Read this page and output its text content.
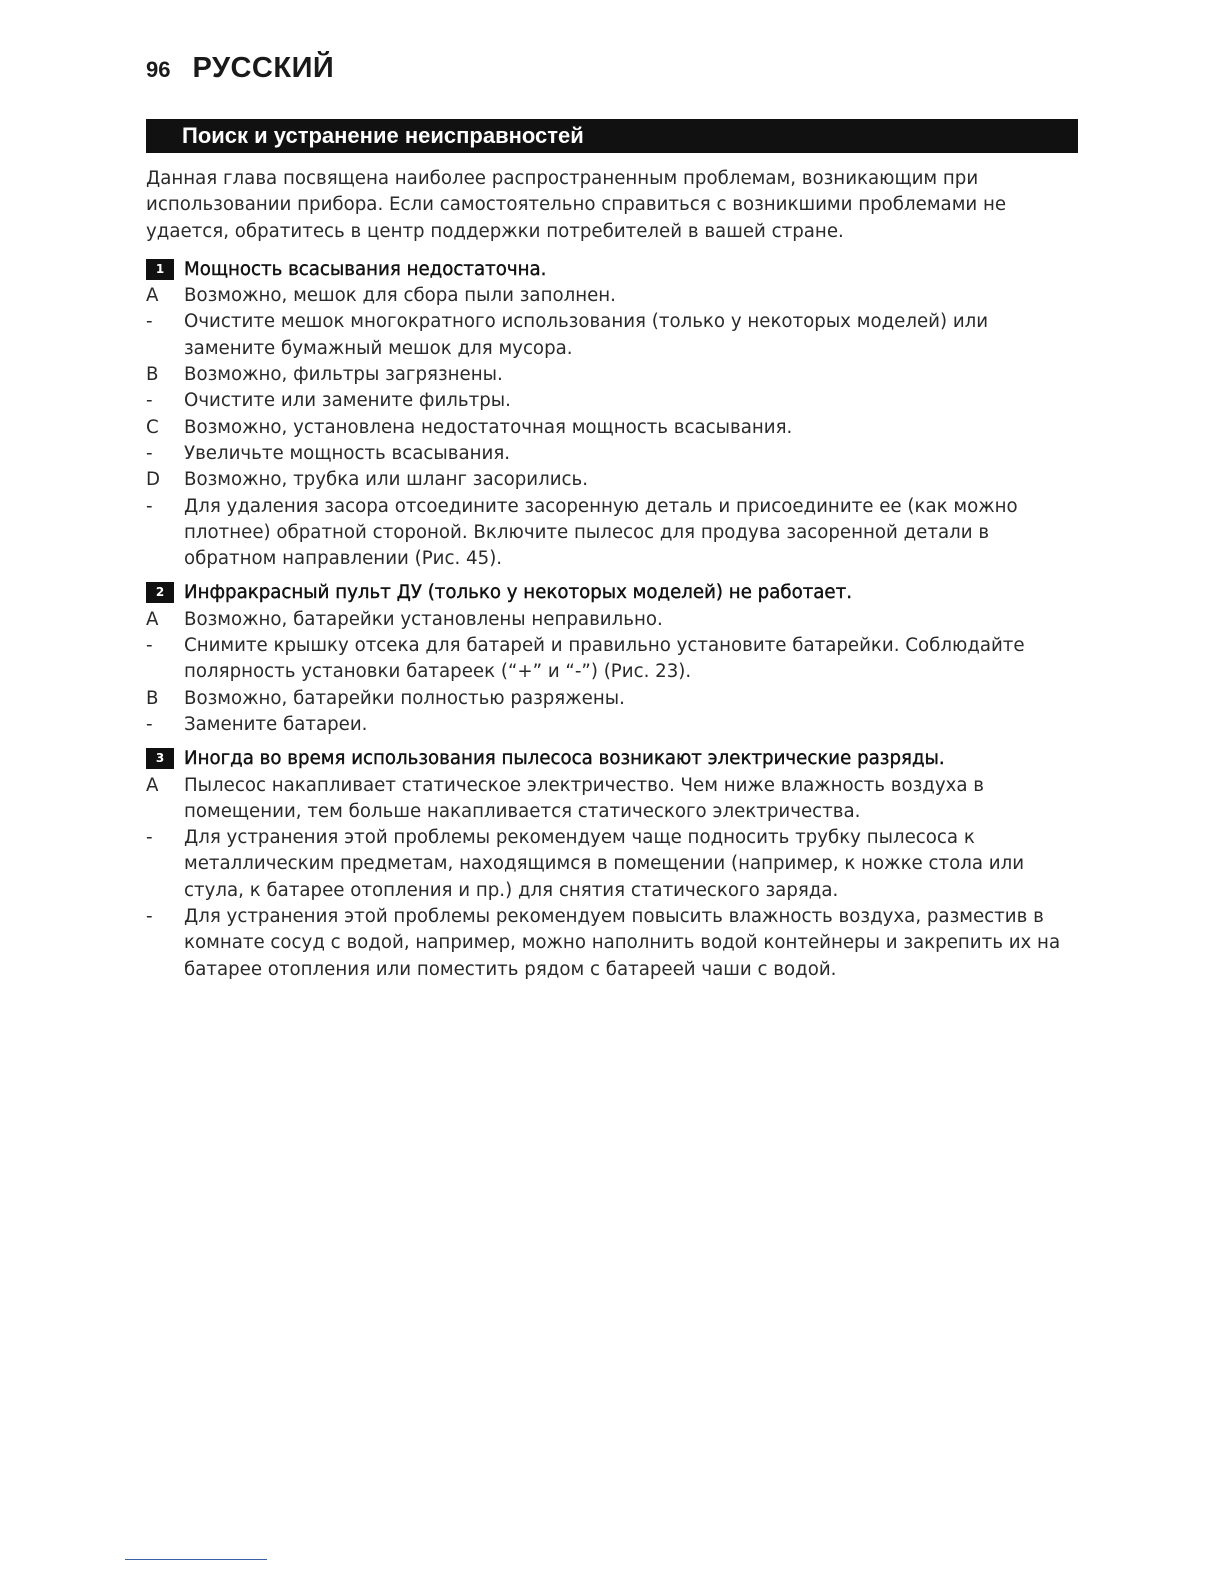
96 РУССКИЙ
Поиск и устранение неисправностей

Данная глава посвящена наиболее распространенным проблемам, возникающим при использовании прибора. Если самостоятельно справиться с возникшими проблемами не удается, обратитесь в центр поддержки потребителей в вашей стране.

1	Мощность всасывания недостаточна.
A	Возможно, мешок для сбора пыли заполнен.
-	Очистите мешок многократного использования (только у некоторых моделей) или замените бумажный мешок для мусора.
B	Возможно, фильтры загрязнены.
-	Очистите или замените фильтры.
C	Возможно, установлена недостаточная мощность всасывания.
-	Увеличьте мощность всасывания.
D	Возможно, трубка или шланг засорились.
-	Для удаления засора отсоедините засоренную деталь и присоедините ее (как можно плотнее) обратной стороной. Включите пылесос для продува засоренной детали в обратном направлении (Рис. 45).
2	Инфракрасный пульт ДУ (только у некоторых моделей) не работает.
A	Возможно, батарейки установлены неправильно.
-	Снимите крышку отсека для батарей и правильно установите батарейки. Соблюдайте полярность установки батареек (“+” и “-”) (Рис. 23).
B	Возможно, батарейки полностью разряжены.
-	Замените батареи.
3	Иногда во время использования пылесоса возникают электрические разряды.
A	Пылесос накапливает статическое электричество. Чем ниже влажность воздуха в помещении, тем больше накапливается статического электричества.
-	Для устранения этой проблемы рекомендуем чаще подносить трубку пылесоса к металлическим предметам, находящимся в помещении (например, к ножке стола или стула, к батарее отопления и пр.) для снятия статического заряда.
-	Для устранения этой проблемы рекомендуем повысить влажность воздуха, разместив в комнате сосуд с водой, например, можно наполнить водой контейнеры и закрепить их на батарее отопления или поместить рядом с батареей чаши с водой.
